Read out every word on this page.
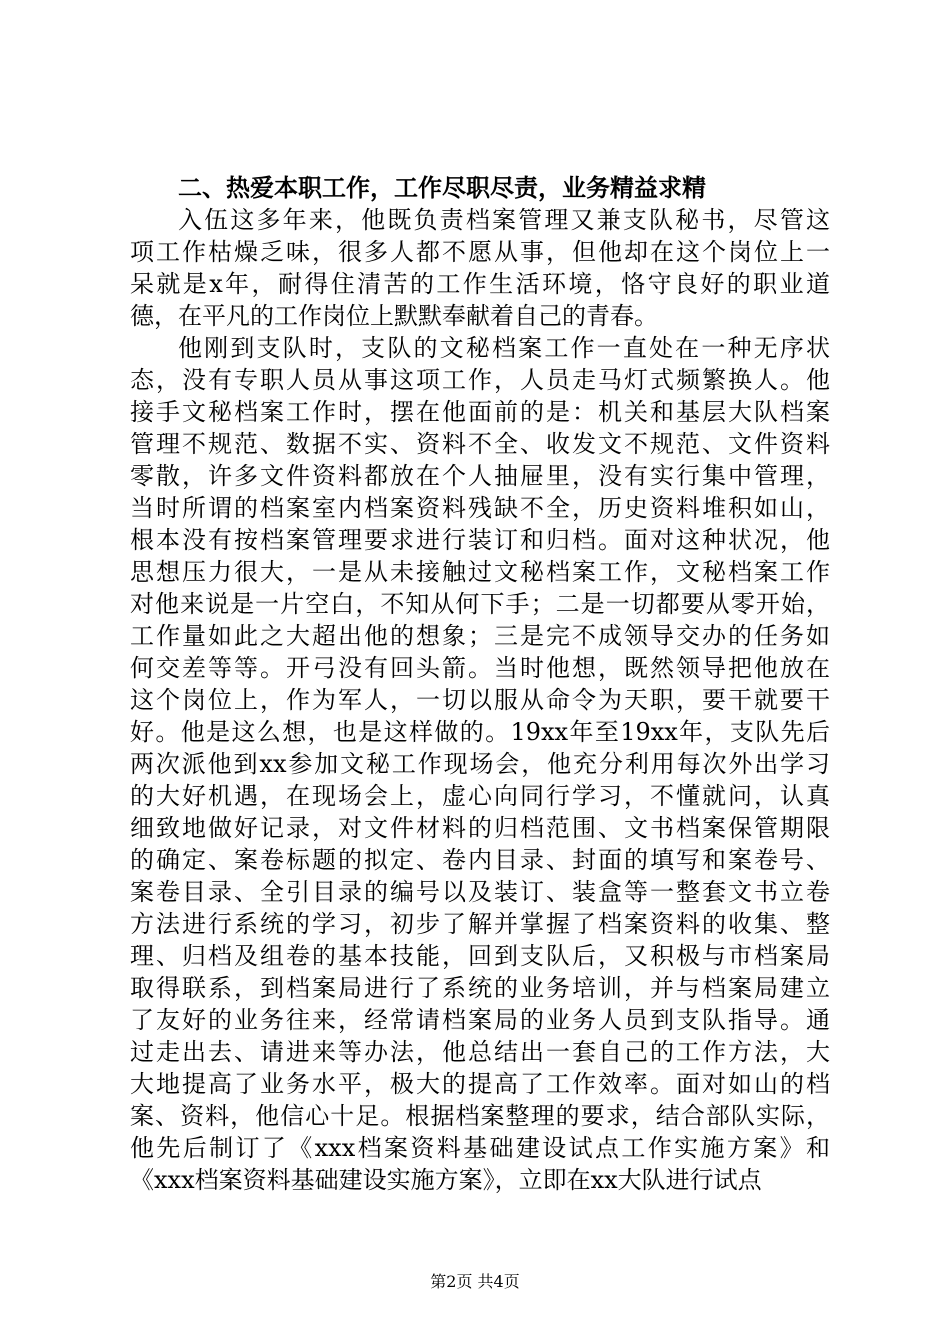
二、热爱本职工作，工作尽职尽责，业务精益求精
入伍这多年来，他既负责档案管理又兼支队秘书，尽管这
项工作枯燥乏味，很多人都不愿从事，但他却在这个岗位上一
呆就是x年，耐得住清苦的工作生活环境，恪守良好的职业道
德，在平凡的工作岗位上默默奉献着自己的青春。
他刚到支队时，支队的文秘档案工作一直处在一种无序状
态，没有专职人员从事这项工作，人员走马灯式频繁换人。他
接手文秘档案工作时，摆在他面前的是：机关和基层大队档案
管理不规范、数据不实、资料不全、收发文不规范、文件资料
零散，许多文件资料都放在个人抽屉里，没有实行集中管理，
当时所谓的档案室内档案资料残缺不全，历史资料堆积如山，
根本没有按档案管理要求进行装订和归档。面对这种状况，他
思想压力很大，一是从未接触过文秘档案工作，文秘档案工作
对他来说是一片空白，不知从何下手；二是一切都要从零开始，
工作量如此之大超出他的想象；三是完不成领导交办的任务如
何交差等等。开弓没有回头箭。当时他想，既然领导把他放在
这个岗位上，作为军人，一切以服从命令为天职，要干就要干
好。他是这么想，也是这样做的。19xx年至19xx年，支队先后
两次派他到xx参加文秘工作现场会，他充分利用每次外出学习
的大好机遇，在现场会上，虚心向同行学习，不懂就问，认真
细致地做好记录，对文件材料的归档范围、文书档案保管期限
的确定、案卷标题的拟定、卷内目录、封面的填写和案卷号、
案卷目录、全引目录的编号以及装订、装盒等一整套文书立卷
方法进行系统的学习，初步了解并掌握了档案资料的收集、整
理、归档及组卷的基本技能，回到支队后，又积极与市档案局
取得联系，到档案局进行了系统的业务培训，并与档案局建立
了友好的业务往来，经常请档案局的业务人员到支队指导。通
过走出去、请进来等办法，他总结出一套自己的工作方法，大
大地提高了业务水平，极大的提高了工作效率。面对如山的档
案、资料，他信心十足。根据档案整理的要求，结合部队实际，
他先后制订了《xxx档案资料基础建设试点工作实施方案》和
《xxx档案资料基础建设实施方案》，立即在xx大队进行试点
第2页 共4页
